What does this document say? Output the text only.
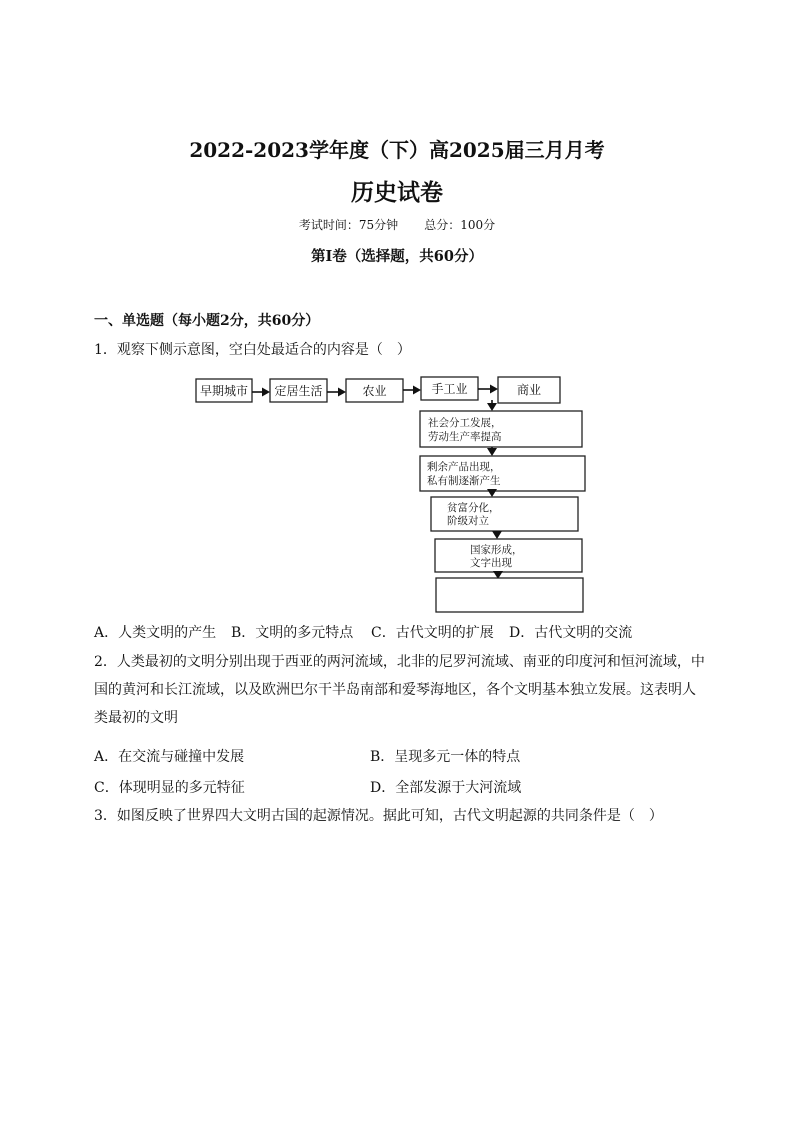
2022-2023学年度（下）高2025届三月月考
历史试卷
考试时间：75分钟 总分：100分
第Ⅰ卷（选择题，共60分）
一、单选题（每小题2分，共60分）
1．观察下侧示意图，空白处最适合的内容是（　）
早期城市 定居生活	农业	手工业	商业
社会分工发展，
劳动生产率提高
剩余产品出现，
私有制逐渐产生
贫富分化，
阶级对立
国家形成，
文字出现
A．人类文明的产生 B．文明的多元特点 C．古代文明的扩展 D．古代文明的交流
2．人类最初的文明分别出现于西亚的两河流域，北非的尼罗河流域、南亚的印度河和恒河流域，中
国的黄河和长江流域，以及欧洲巴尔干半岛南部和爱琴海地区，各个文明基本独立发展。这表明人
类最初的文明
A．在交流与碰撞中发展	B．呈现多元一体的特点
C．体现明显的多元特征	D．全部发源于大河流域
3．如图反映了世界四大文明古国的起源情况。据此可知，古代文明起源的共同条件是（　）
